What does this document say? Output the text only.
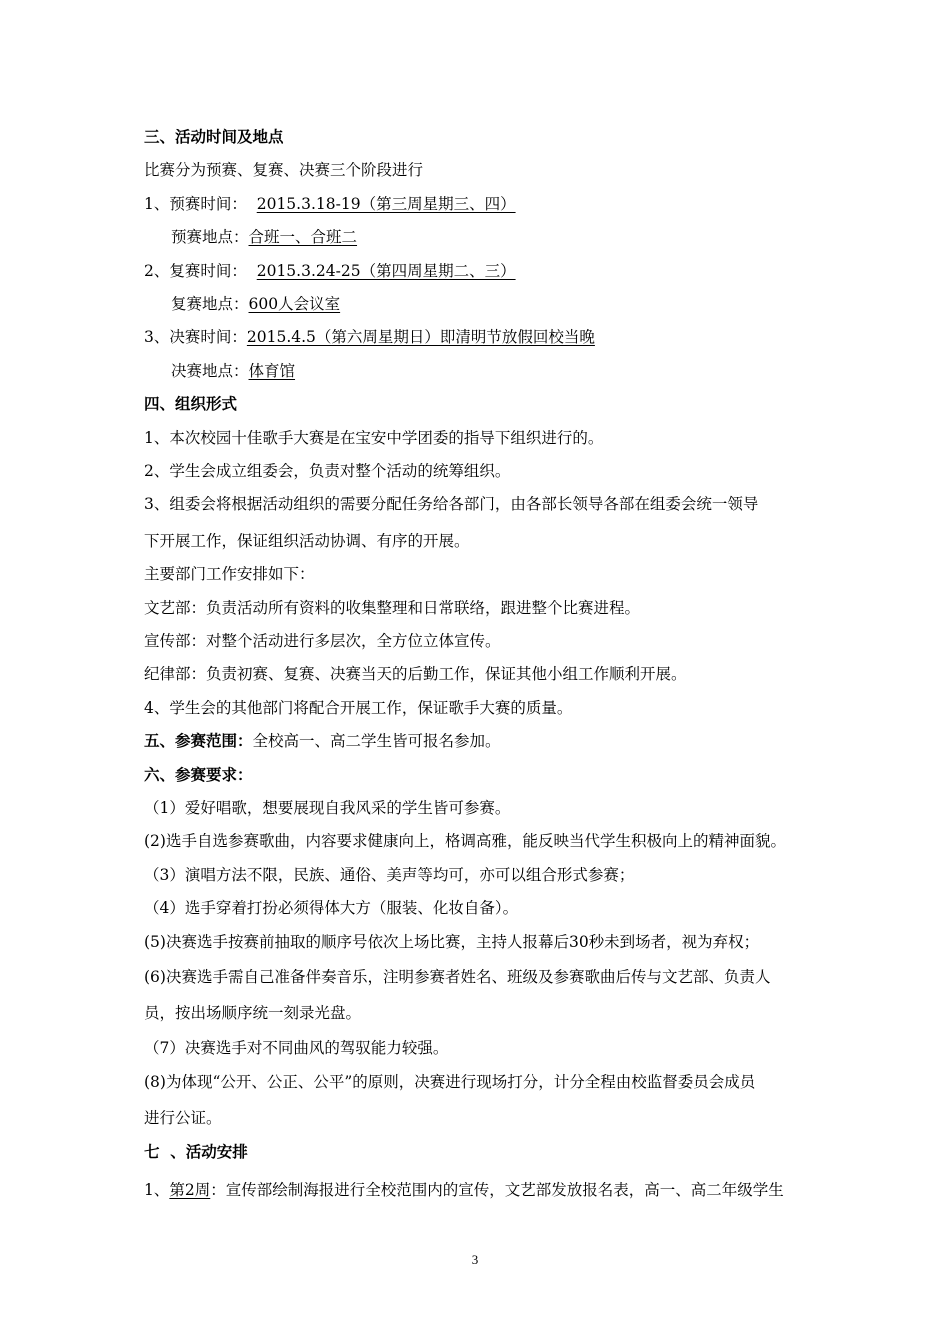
三、活动时间及地点
比赛分为预赛、复赛、决赛三个阶段进行
1、预赛时间：  2015.3.18-19（第三周星期三、四）
预赛地点：合班一、合班二
2、复赛时间：  2015.3.24-25（第四周星期二、三）
复赛地点：600人会议室
3、决赛时间：2015.4.5（第六周星期日）即清明节放假回校当晚
决赛地点：体育馆
四、组织形式
1、本次校园十佳歌手大赛是在宝安中学团委的指导下组织进行的。
2、学生会成立组委会，负责对整个活动的统筹组织。
3、组委会将根据活动组织的需要分配任务给各部门，由各部长领导各部在组委会统一领导
下开展工作，保证组织活动协调、有序的开展。
主要部门工作安排如下：
文艺部：负责活动所有资料的收集整理和日常联络，跟进整个比赛进程。
宣传部：对整个活动进行多层次，全方位立体宣传。
纪律部：负责初赛、复赛、决赛当天的后勤工作，保证其他小组工作顺利开展。
4、学生会的其他部门将配合开展工作，保证歌手大赛的质量。
五、参赛范围：全校高一、高二学生皆可报名参加。
六、参赛要求：
（1）爱好唱歌，想要展现自我风采的学生皆可参赛。
(2)选手自选参赛歌曲，内容要求健康向上，格调高雅，能反映当代学生积极向上的精神面貌。
（3）演唱方法不限，民族、通俗、美声等均可，亦可以组合形式参赛；
（4）选手穿着打扮必须得体大方（服装、化妆自备）。
(5)决赛选手按赛前抽取的顺序号依次上场比赛，主持人报幕后30秒未到场者，视为弃权；
(6)决赛选手需自己准备伴奏音乐，注明参赛者姓名、班级及参赛歌曲后传与文艺部、负责人
员，按出场顺序统一刻录光盘。
（7）决赛选手对不同曲风的驾驭能力较强。
(8)为体现“公开、公正、公平”的原则，决赛进行现场打分，计分全程由校监督委员会成员
进行公证。
七  、活动安排
1、第2周：宣传部绘制海报进行全校范围内的宣传，文艺部发放报名表，高一、高二年级学生
3
